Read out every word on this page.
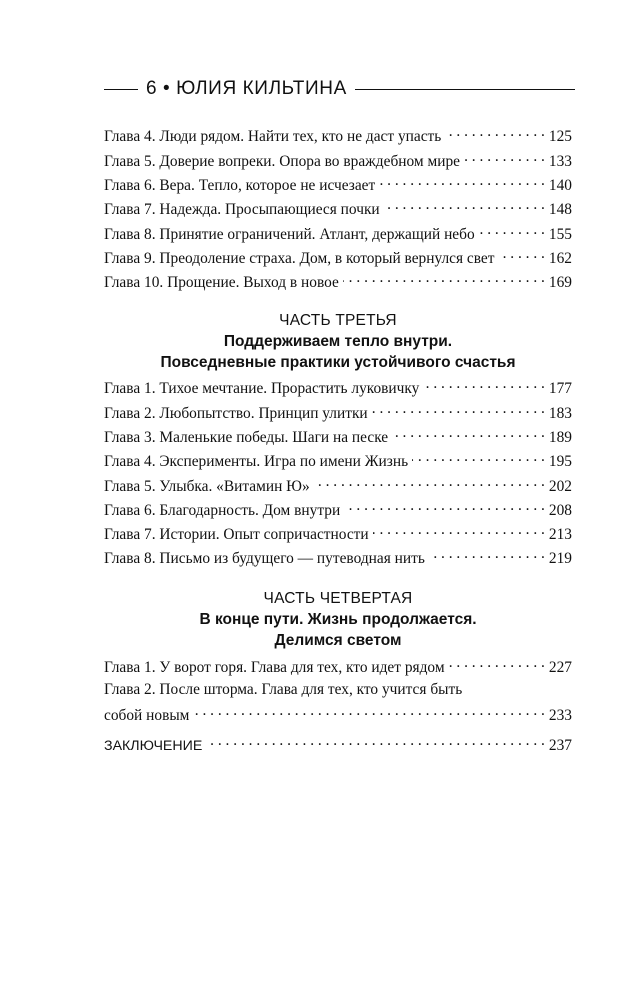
6 • ЮЛИЯ КИЛЬТИНА
Глава 4. Люди рядом. Найти тех, кто не даст упасть . . .	125
Глава 5. Доверие вопреки. Опора во враждебном мире . . .	133
Глава 6. Вера. Тепло, которое не исчезает . . .	140
Глава 7. Надежда. Просыпающиеся почки . . .	148
Глава 8. Принятие ограничений. Атлант, держащий небо . . .	155
Глава 9. Преодоление страха. Дом, в который вернулся свет . . .	162
Глава 10. Прощение. Выход в новое . . .	169
ЧАСТЬ ТРЕТЬЯ
Поддерживаем тепло внутри.
Повседневные практики устойчивого счастья
Глава 1. Тихое мечтание. Прорастить луковичку . . .	177
Глава 2. Любопытство. Принцип улитки . . .	183
Глава 3. Маленькие победы. Шаги на песке . . .	189
Глава 4. Эксперименты. Игра по имени Жизнь . . .	195
Глава 5. Улыбка. «Витамин Ю» . . .	202
Глава 6. Благодарность. Дом внутри . . .	208
Глава 7. Истории. Опыт сопричастности . . .	213
Глава 8. Письмо из будущего — путеводная нить . . .	219
ЧАСТЬ ЧЕТВЕРТАЯ
В конце пути. Жизнь продолжается.
Делимся светом
Глава 1. У ворот горя. Глава для тех, кто идет рядом . . .	227
Глава 2. После шторма. Глава для тех, кто учится быть
собой новым . . .	233
ЗАКЛЮЧЕНИЕ . . .	237
